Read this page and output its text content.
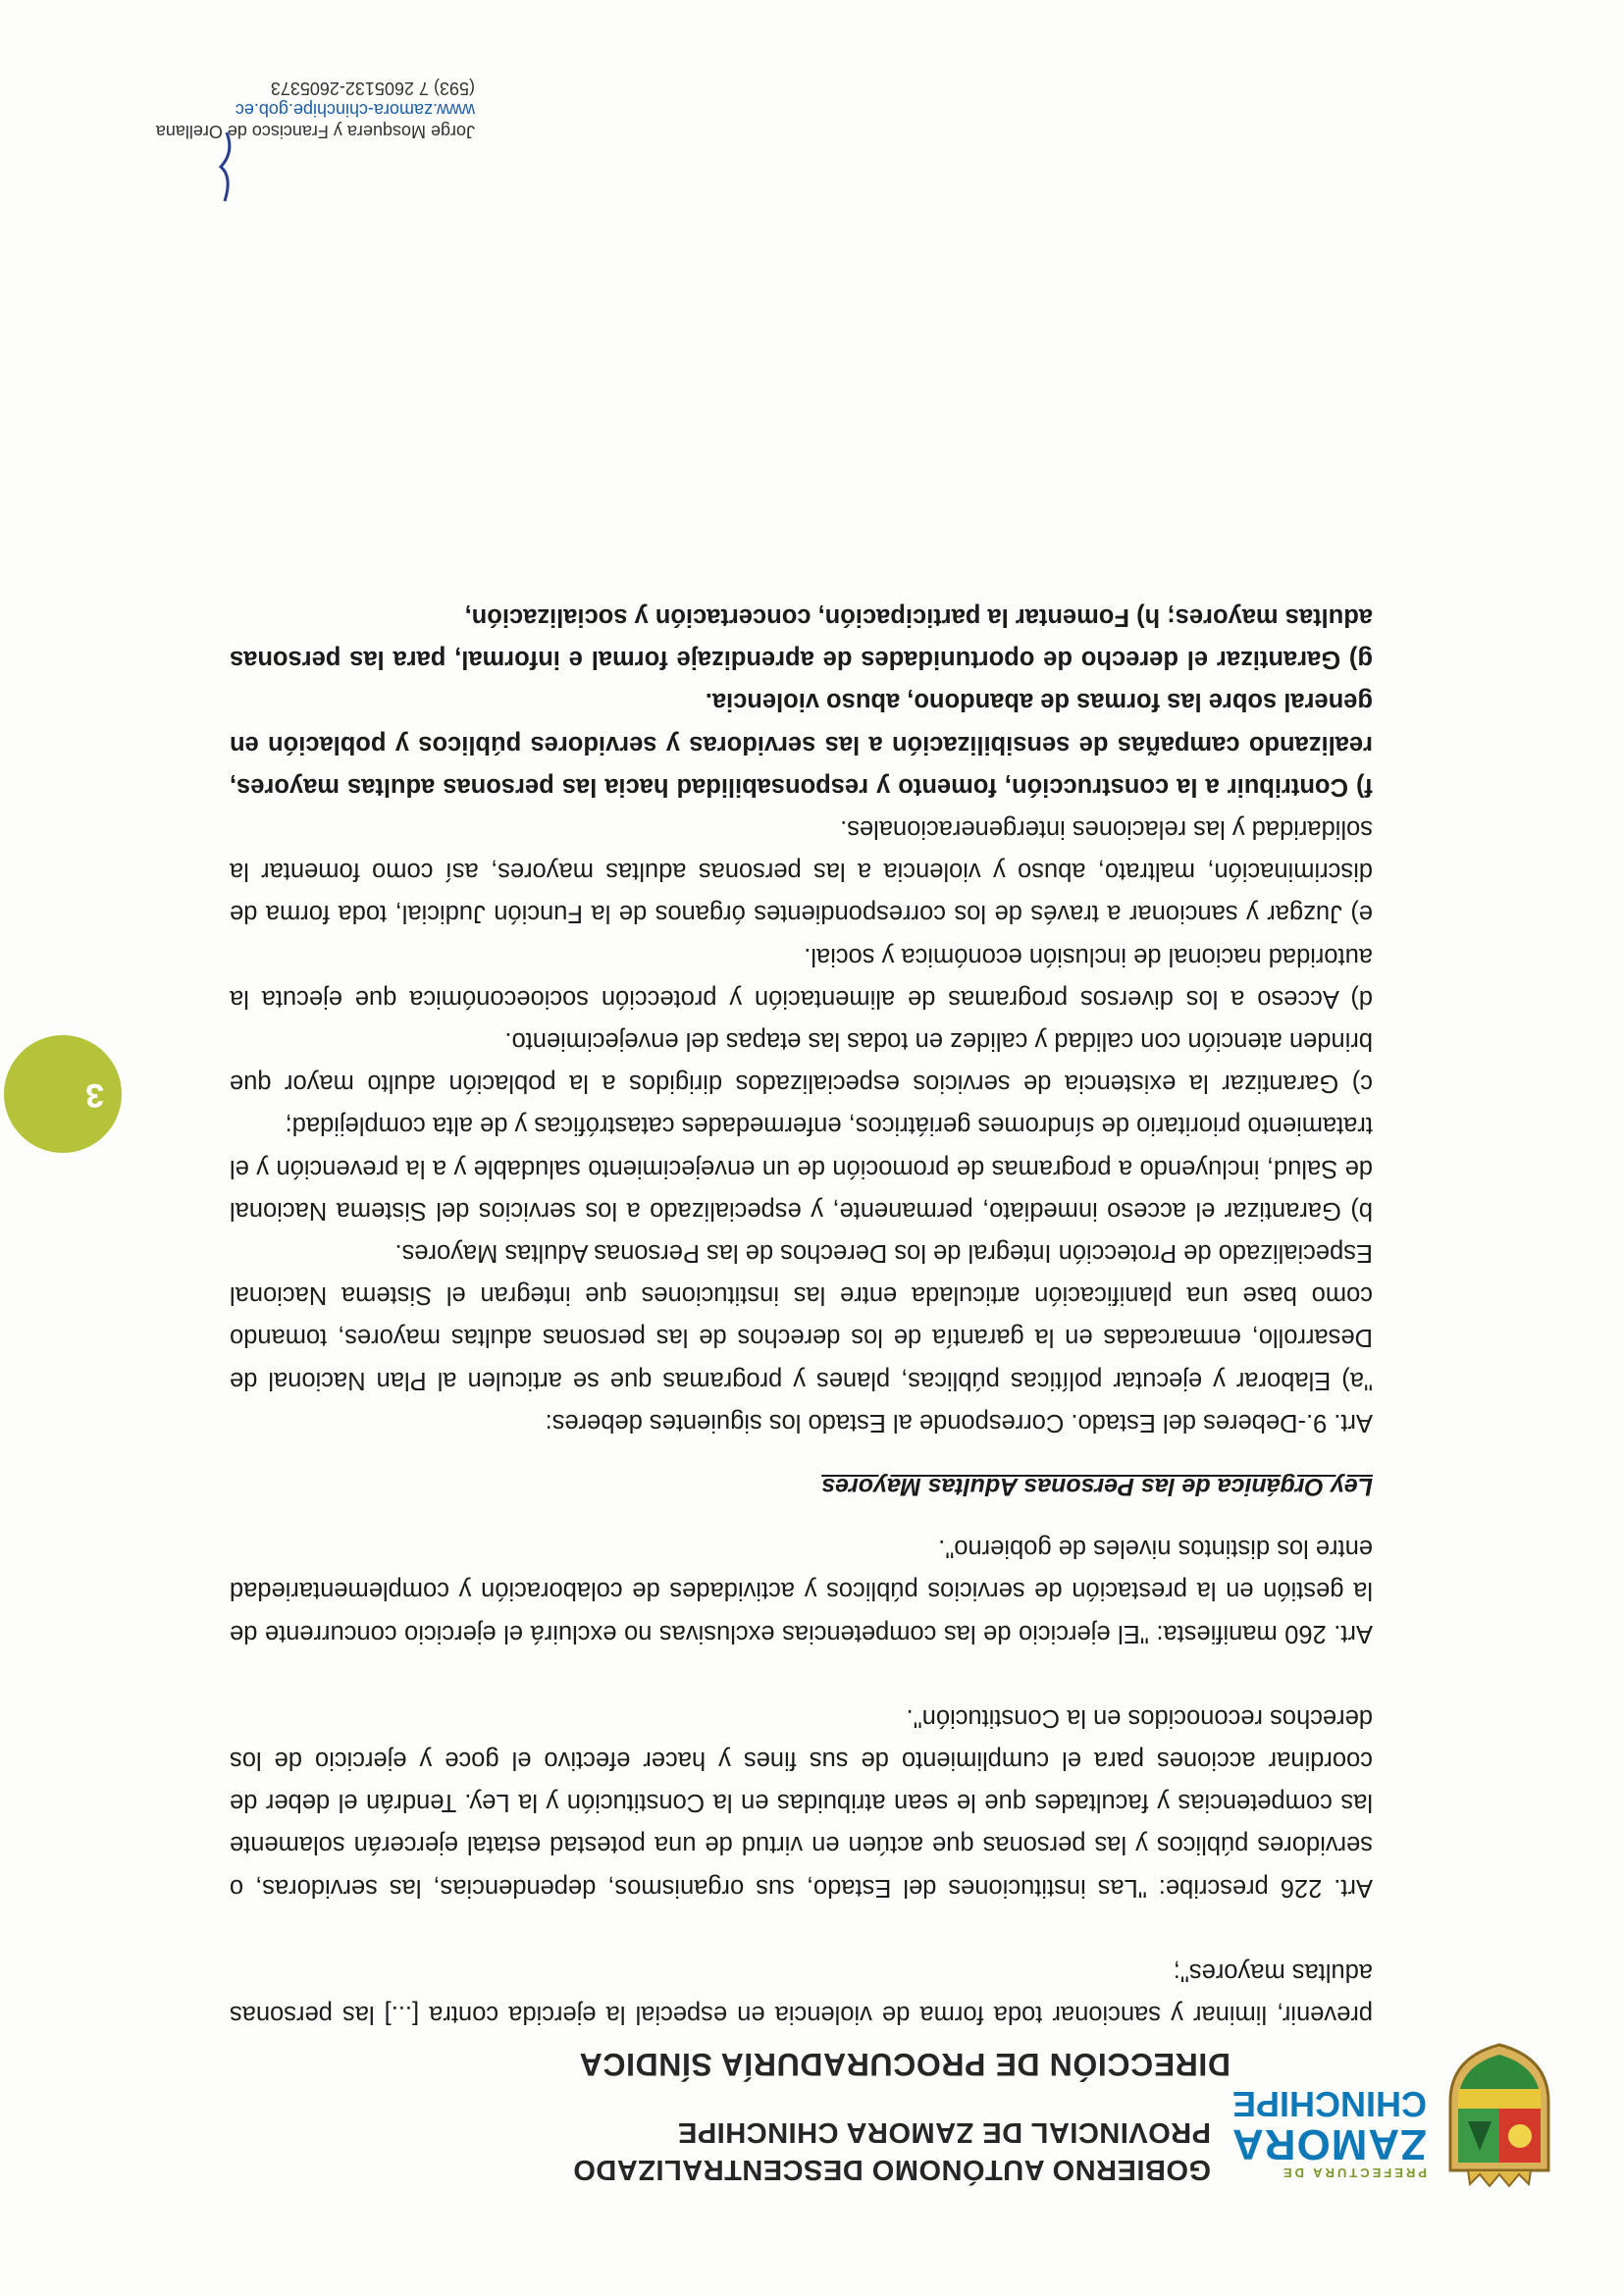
PREFECTURA DE
ZAMORA
CHINCHIPE
GOBIERNO AUTÓNOMO DESCENTRALIZADO
PROVINCIAL DE ZAMORA CHINCHIPE
DIRECCIÓN DE PROCURADURÍA SÍNDICA

prevenir, liminar y sancionar toda forma de violencia en especial la ejercida contra [...] las personas adultas mayores";

Art. 226 prescribe: "Las instituciones del Estado, sus organismos, dependencias, las servidoras, o servidores públicos y las personas que actúen en virtud de una potestad estatal ejercerán solamente las competencias y facultades que le sean atribuidas en la Constitución y la Ley. Tendrán el deber de coordinar acciones para el cumplimiento de sus fines y hacer efectivo el goce y ejercicio de los derechos reconocidos en la Constitución".

Art. 260 manifiesta: "El ejercicio de las competencias exclusivas no excluirá el ejercicio concurrente de la gestión en la prestación de servicios públicos y actividades de colaboración y complementariedad entre los distintos niveles de gobierno".

Ley Orgánica de las Personas Adultas Mayores

Art. 9.-Deberes del Estado. Corresponde al Estado los siguientes deberes:

"a) Elaborar y ejecutar políticas públicas, planes y programas que se articulen al Plan Nacional de Desarrollo, enmarcadas en la garantía de los derechos de las personas adultas mayores, tomando como base una planificación articulada entre las instituciones que integran el Sistema Nacional Especializado de Protección Integral de los Derechos de las Personas Adultas Mayores.

b) Garantizar el acceso inmediato, permanente, y especializado a los servicios del Sistema Nacional de Salud, incluyendo a programas de promoción de un envejecimiento saludable y a la prevención y el tratamiento prioritario de síndromes geriátricos, enfermedades catastróficas y de alta complejidad;

c) Garantizar la existencia de servicios especializados dirigidos a la población adulto mayor que brinden atención con calidad y calidez en todas las etapas del envejecimiento.

d) Acceso a los diversos programas de alimentación y protección socioeconómica que ejecuta la autoridad nacional de inclusión económica y social.

e) Juzgar y sancionar a través de los correspondientes órganos de la Función Judicial, toda forma de discriminación, maltrato, abuso y violencia a las personas adultas mayores, así como fomentar la solidaridad y las relaciones intergeneracionales.

f) Contribuir a la construcción, fomento y responsabilidad hacia las personas adultas mayores, realizando campañas de sensibilización a las servidoras y servidores públicos y población en general sobre las formas de abandono, abuso violencia.

g) Garantizar el derecho de oportunidades de aprendizaje formal e informal, para las personas adultas mayores; h) Fomentar la participación, concertación y socialización,

3
Jorge Mosquera y Francisco de Orellana
www.zamora-chinchipe.gob.ec
(593) 7 2605132-2605373
